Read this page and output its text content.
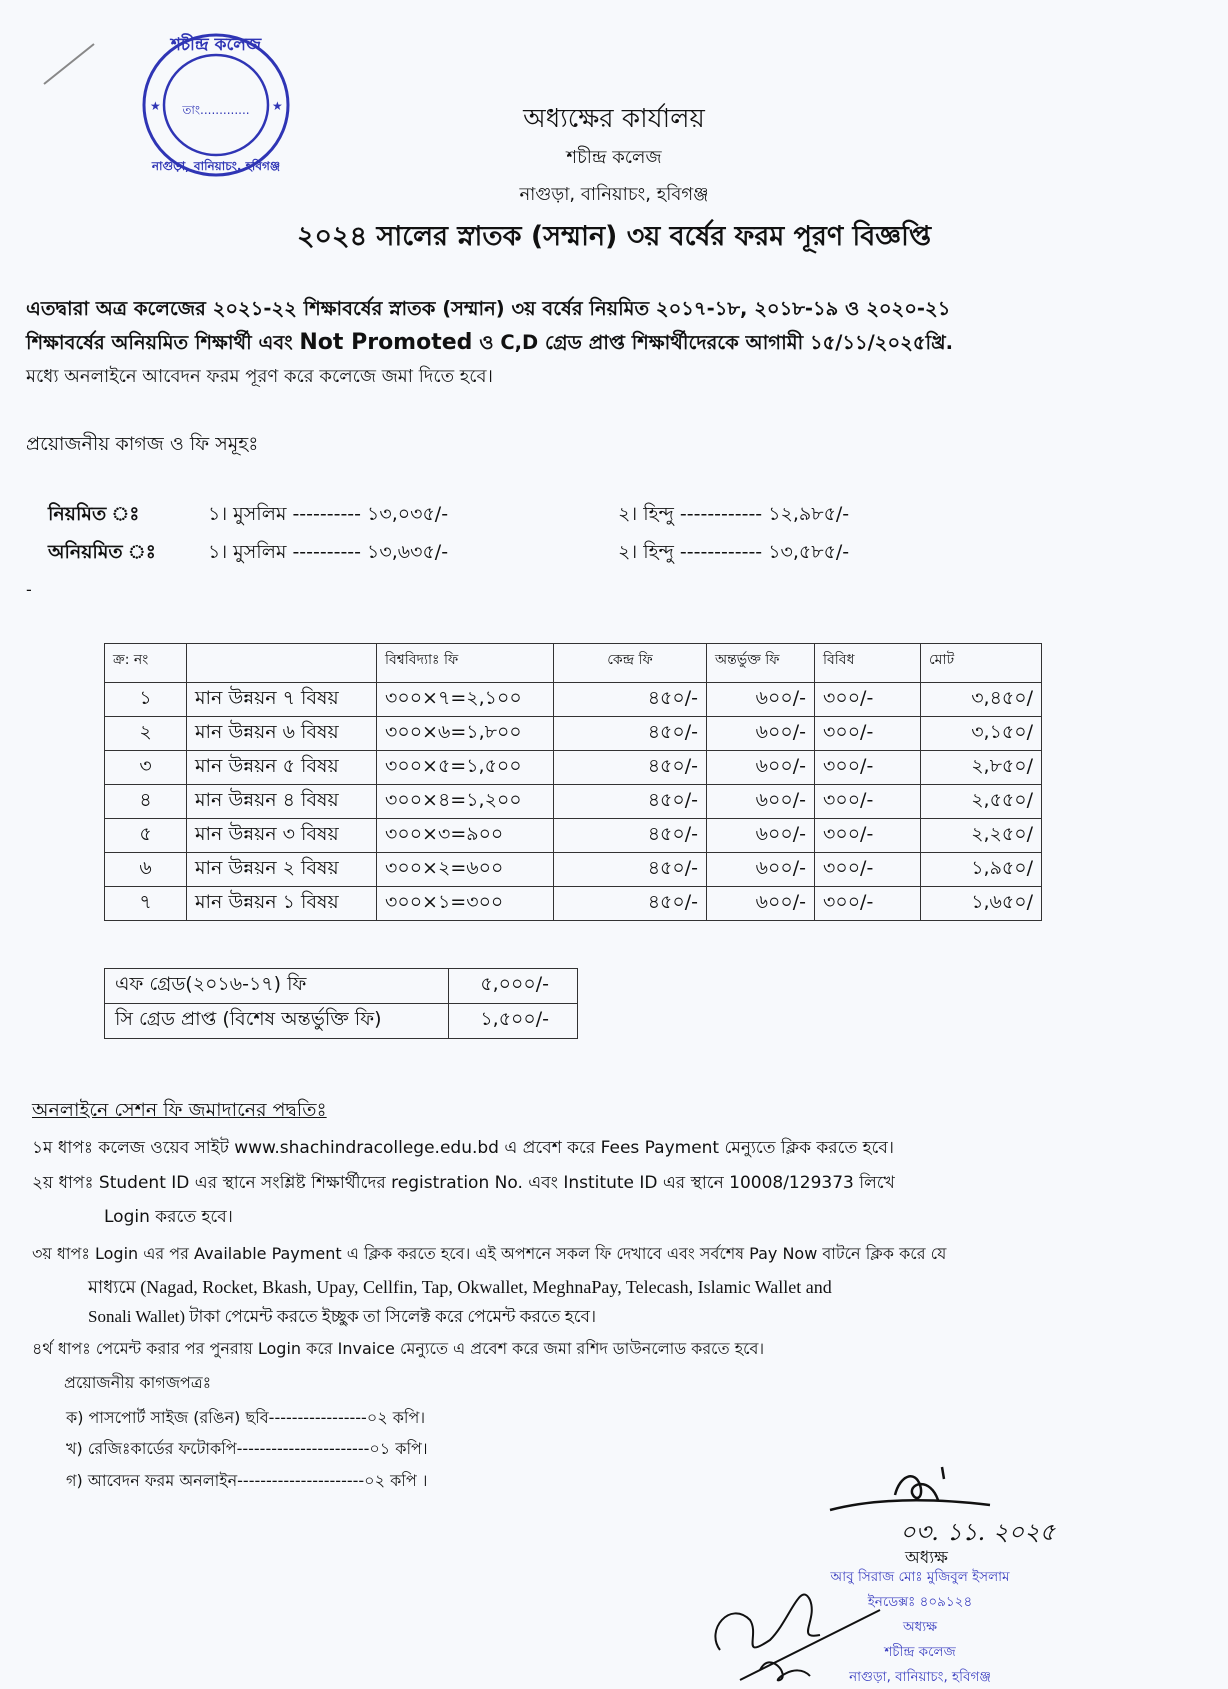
শচীন্দ্র কলেজ
নাগুড়া, বানিয়াচং, হবিগঞ্জ
তাং.............
★	★	অধ্যক্ষের কার্যালয়
শচীন্দ্র কলেজ
নাগুড়া, বানিয়াচং, হবিগঞ্জ
২০২৪ সালের স্নাতক (সম্মান) ৩য় বর্ষের ফরম পূরণ বিজ্ঞপ্তি
এতদ্বারা অত্র কলেজের ২০২১-২২ শিক্ষাবর্ষের স্নাতক (সম্মান) ৩য় বর্ষের নিয়মিত ২০১৭-১৮, ২০১৮-১৯ ও ২০২০-২১
শিক্ষাবর্ষের অনিয়মিত শিক্ষার্থী এবং Not Promoted ও C,D গ্রেড প্রাপ্ত শিক্ষার্থীদেরকে আগামী ১৫/১১/২০২৫খ্রি.
মধ্যে অনলাইনে আবেদন ফরম পূরণ করে কলেজে জমা দিতে হবে।
প্রয়োজনীয় কাগজ ও ফি সমূহঃ
নিয়মিত ঃ	১। মুসলিম ---------- ১৩,০৩৫/-	২। হিন্দু ------------ ১২,৯৮৫/-
অনিয়মিত ঃ	১। মুসলিম ---------- ১৩,৬৩৫/-	২। হিন্দু ------------ ১৩,৫৮৫/-
-
ক্র: নং		বিশ্ববিদ্যাঃ ফি	কেন্দ্র ফি	অন্তর্ভুক্ত ফি	বিবিধ	মোট
১	মান উন্নয়ন ৭ বিষয়	৩০০×৭=২,১০০	৪৫০/-	৬০০/-	৩০০/-	৩,৪৫০/
২	মান উন্নয়ন ৬ বিষয়	৩০০×৬=১,৮০০	৪৫০/-	৬০০/-	৩০০/-	৩,১৫০/
৩	মান উন্নয়ন ৫ বিষয়	৩০০×৫=১,৫০০	৪৫০/-	৬০০/-	৩০০/-	২,৮৫০/
৪	মান উন্নয়ন ৪ বিষয়	৩০০×৪=১,২০০	৪৫০/-	৬০০/-	৩০০/-	২,৫৫০/
৫	মান উন্নয়ন ৩ বিষয়	৩০০×৩=৯০০	৪৫০/-	৬০০/-	৩০০/-	২,২৫০/
৬	মান উন্নয়ন ২ বিষয়	৩০০×২=৬০০	৪৫০/-	৬০০/-	৩০০/-	১,৯৫০/
৭	মান উন্নয়ন ১ বিষয়	৩০০×১=৩০০	৪৫০/-	৬০০/-	৩০০/-	১,৬৫০/
এফ গ্রেড(২০১৬-১৭) ফি	৫,০০০/-
সি গ্রেড প্রাপ্ত (বিশেষ অন্তর্ভুক্তি ফি)	১,৫০০/-
অনলাইনে সেশন ফি জমাদানের পদ্বতিঃ
১ম ধাপঃ কলেজ ওয়েব সাইট www.shachindracollege.edu.bd এ প্রবেশ করে Fees Payment মেন্যুতে ক্লিক করতে হবে।
২য় ধাপঃ Student ID এর স্থানে সংশ্লিষ্ট শিক্ষার্থীদের registration No. এবং Institute ID এর স্থানে 10008/129373 লিখে
Login করতে হবে।
৩য় ধাপঃ Login এর পর Available Payment এ ক্লিক করতে হবে। এই অপশনে সকল ফি দেখাবে এবং সর্বশেষ Pay Now বাটনে ক্লিক করে যে
মাধ্যমে (Nagad, Rocket, Bkash, Upay, Cellfin, Tap, Okwallet, MeghnaPay, Telecash, Islamic Wallet and
Sonali Wallet) টাকা পেমেন্ট করতে ইচ্ছুক তা সিলেক্ট করে পেমেন্ট করতে হবে।
৪র্থ ধাপঃ পেমেন্ট করার পর পুনরায় Login করে Invaice মেন্যুতে এ প্রবেশ করে জমা রশিদ ডাউনলোড করতে হবে।
প্রয়োজনীয় কাগজপত্রঃ
ক) পাসপোর্ট সাইজ (রঙিন) ছবি-----------------০২ কপি।
খ) রেজিঃকার্ডের ফটোকপি-----------------------০১ কপি।
গ) আবেদন ফরম অনলাইন----------------------০২ কপি ।
০৩. ১১. ২০২৫
অধ্যক্ষ
আবু সিরাজ মোঃ মুজিবুল ইসলাম
ইনডেক্সঃ ৪০৯১২৪
অধ্যক্ষ
শচীন্দ্র কলেজ
নাগুড়া, বানিয়াচং, হবিগঞ্জ
